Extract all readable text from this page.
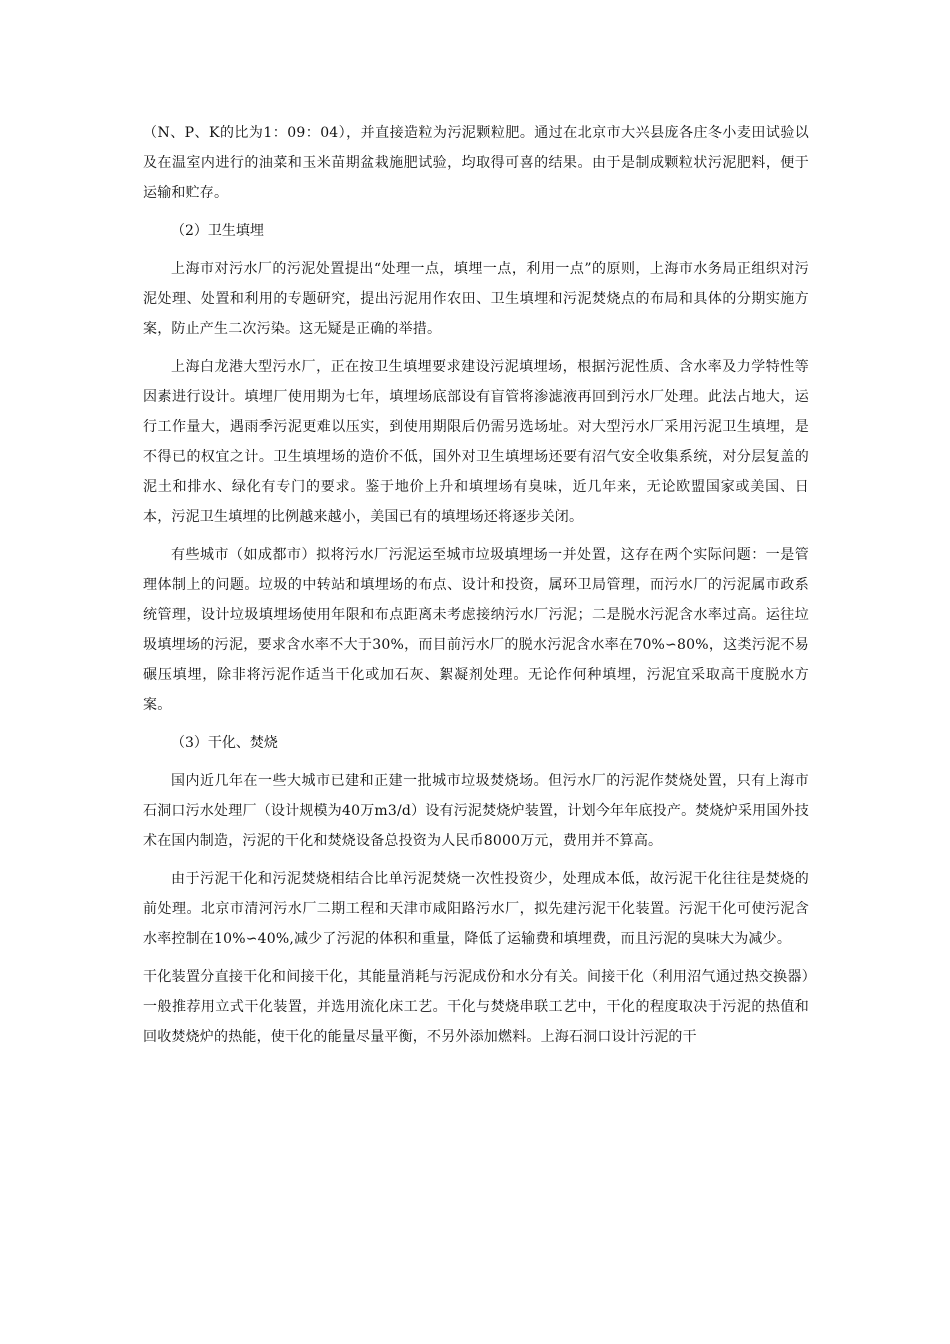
（N、P、K的比为1：09：04），并直接造粒为污泥颗粒肥。通过在北京市大兴县庞各庄冬小麦田试验以及在温室内进行的油菜和玉米苗期盆栽施肥试验，均取得可喜的结果。由于是制成颗粒状污泥肥料，便于运输和贮存。

（2）卫生填埋

上海市对污水厂的污泥处置提出“处理一点，填埋一点，利用一点”的原则，上海市水务局正组织对污泥处理、处置和利用的专题研究，提出污泥用作农田、卫生填埋和污泥焚烧点的布局和具体的分期实施方案，防止产生二次污染。这无疑是正确的举措。

上海白龙港大型污水厂，正在按卫生填埋要求建设污泥填埋场，根据污泥性质、含水率及力学特性等因素进行设计。填埋厂使用期为七年，填埋场底部设有盲管将渗滤液再回到污水厂处理。此法占地大，运行工作量大，遇雨季污泥更难以压实，到使用期限后仍需另选场址。对大型污水厂采用污泥卫生填埋，是不得已的权宜之计。卫生填埋场的造价不低，国外对卫生填埋场还要有沼气安全收集系统，对分层复盖的泥土和排水、绿化有专门的要求。鉴于地价上升和填埋场有臭味，近几年来，无论欧盟国家或美国、日本，污泥卫生填埋的比例越来越小，美国已有的填埋场还将逐步关闭。

有些城市（如成都市）拟将污水厂污泥运至城市垃圾填埋场一并处置，这存在两个实际问题：一是管理体制上的问题。垃圾的中转站和填埋场的布点、设计和投资，属环卫局管理，而污水厂的污泥属市政系统管理，设计垃圾填埋场使用年限和布点距离未考虑接纳污水厂污泥；二是脱水污泥含水率过高。运往垃圾填埋场的污泥，要求含水率不大于30%，而目前污水厂的脱水污泥含水率在70%∽80%，这类污泥不易碾压填埋，除非将污泥作适当干化或加石灰、絮凝剂处理。无论作何种填埋，污泥宜采取高干度脱水方案。

（3）干化、焚烧

国内近几年在一些大城市已建和正建一批城市垃圾焚烧场。但污水厂的污泥作焚烧处置，只有上海市石洞口污水处理厂（设计规模为40万m3/d）设有污泥焚烧炉装置，计划今年年底投产。焚烧炉采用国外技术在国内制造，污泥的干化和焚烧设备总投资为人民币8000万元，费用并不算高。

由于污泥干化和污泥焚烧相结合比单污泥焚烧一次性投资少，处理成本低，故污泥干化往往是焚烧的前处理。北京市清河污水厂二期工程和天津市咸阳路污水厂，拟先建污泥干化装置。污泥干化可使污泥含水率控制在10%∽40%,减少了污泥的体积和重量，降低了运输费和填埋费，而且污泥的臭味大为减少。

干化装置分直接干化和间接干化，其能量消耗与污泥成份和水分有关。间接干化（利用沼气通过热交换器）一般推荐用立式干化装置，并选用流化床工艺。干化与焚烧串联工艺中，干化的程度取决于污泥的热值和回收焚烧炉的热能，使干化的能量尽量平衡，不另外添加燃料。上海石洞口设计污泥的干
